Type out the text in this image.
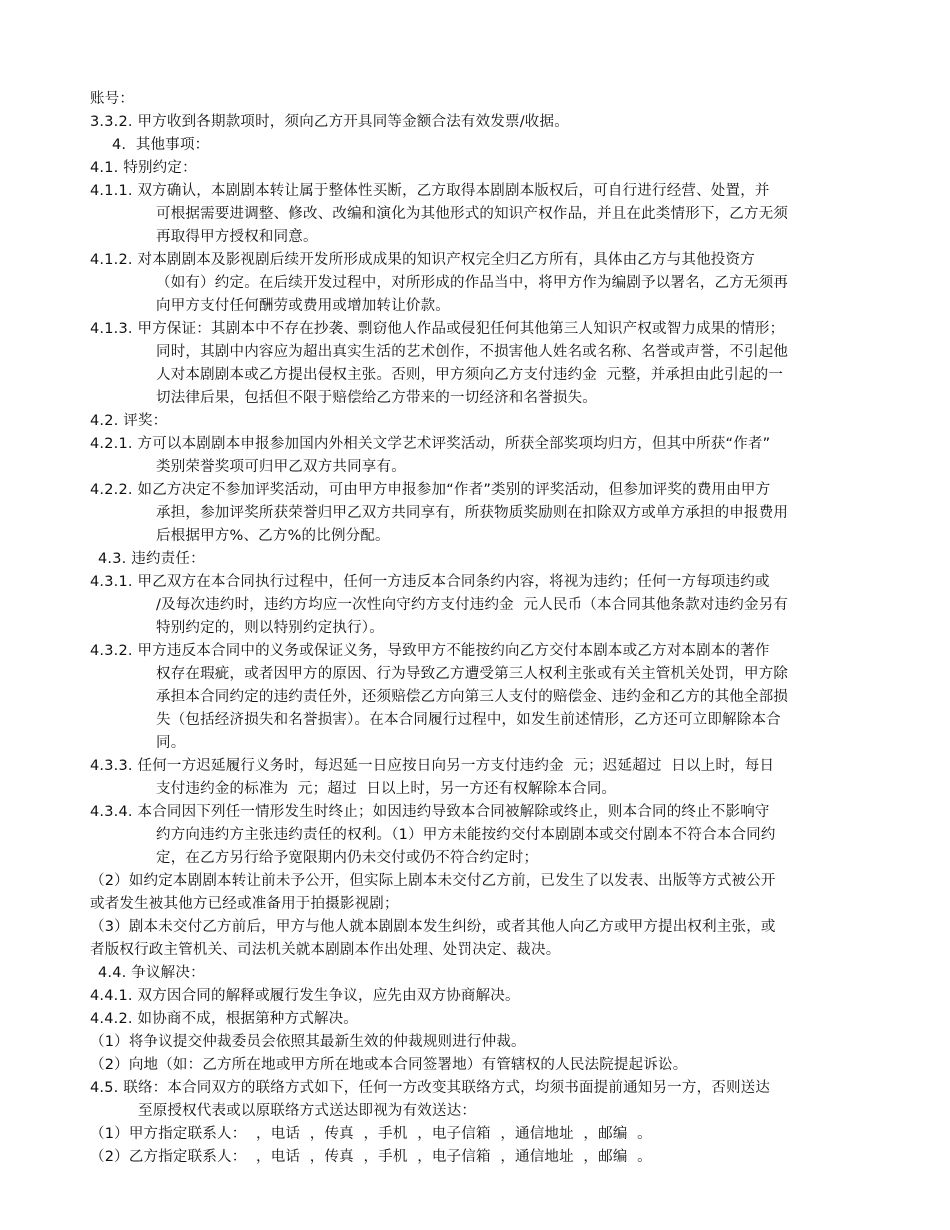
账号：
3.3.2. 甲方收到各期款项时，须向乙方开具同等金额合法有效发票/收据。
4.  其他事项：
4.1. 特别约定：
4.1.1. 双方确认，本剧剧本转让属于整体性买断，乙方取得本剧剧本版权后，可自行进行经营、处置，并
可根据需要进调整、修改、改编和演化为其他形式的知识产权作品，并且在此类情形下，乙方无须
再取得甲方授权和同意。
4.1.2. 对本剧剧本及影视剧后续开发所形成成果的知识产权完全归乙方所有，具体由乙方与其他投资方
（如有）约定。在后续开发过程中，对所形成的作品当中，将甲方作为编剧予以署名，乙方无须再
向甲方支付任何酬劳或费用或增加转让价款。
4.1.3. 甲方保证：其剧本中不存在抄袭、剽窃他人作品或侵犯任何其他第三人知识产权或智力成果的情形；
同时，其剧中内容应为超出真实生活的艺术创作，不损害他人姓名或名称、名誉或声誉，不引起他
人对本剧剧本或乙方提出侵权主张。否则，甲方须向乙方支付违约金  元整，并承担由此引起的一
切法律后果，包括但不限于赔偿给乙方带来的一切经济和名誉损失。
4.2. 评奖：
4.2.1. 方可以本剧剧本申报参加国内外相关文学艺术评奖活动，所获全部奖项均归方，但其中所获“作者”
类别荣誉奖项可归甲乙双方共同享有。
4.2.2. 如乙方决定不参加评奖活动，可由甲方申报参加“作者”类别的评奖活动，但参加评奖的费用由甲方
承担，参加评奖所获荣誉归甲乙双方共同享有，所获物质奖励则在扣除双方或单方承担的申报费用
后根据甲方%、乙方%的比例分配。
4.3. 违约责任：
4.3.1. 甲乙双方在本合同执行过程中，任何一方违反本合同条约内容，将视为违约；任何一方每项违约或
/及每次违约时，违约方均应一次性向守约方支付违约金  元人民币（本合同其他条款对违约金另有
特别约定的，则以特别约定执行）。
4.3.2. 甲方违反本合同中的义务或保证义务，导致甲方不能按约向乙方交付本剧本或乙方对本剧本的著作
权存在瑕疵，或者因甲方的原因、行为导致乙方遭受第三人权利主张或有关主管机关处罚，甲方除
承担本合同约定的违约责任外，还须赔偿乙方向第三人支付的赔偿金、违约金和乙方的其他全部损
失（包括经济损失和名誉损害）。在本合同履行过程中，如发生前述情形，乙方还可立即解除本合
同。
4.3.3. 任何一方迟延履行义务时，每迟延一日应按日向另一方支付违约金  元；迟延超过  日以上时，每日
支付违约金的标准为  元；超过  日以上时，另一方还有权解除本合同。
4.3.4. 本合同因下列任一情形发生时终止；如因违约导致本合同被解除或终止，则本合同的终止不影响守
约方向违约方主张违约责任的权利。（1）甲方未能按约交付本剧剧本或交付剧本不符合本合同约
定，在乙方另行给予宽限期内仍未交付或仍不符合约定时；
（2）如约定本剧剧本转让前未予公开，但实际上剧本未交付乙方前，已发生了以发表、出版等方式被公开
或者发生被其他方已经或准备用于拍摄影视剧；
（3）剧本未交付乙方前后，甲方与他人就本剧剧本发生纠纷，或者其他人向乙方或甲方提出权利主张，或
者版权行政主管机关、司法机关就本剧剧本作出处理、处罚决定、裁决。
4.4. 争议解决：
4.4.1. 双方因合同的解释或履行发生争议，应先由双方协商解决。
4.4.2. 如协商不成，根据第种方式解决。
（1）将争议提交仲裁委员会依照其最新生效的仲裁规则进行仲裁。
（2）向地（如：乙方所在地或甲方所在地或本合同签署地）有管辖权的人民法院提起诉讼。
4.5. 联络：本合同双方的联络方式如下，任何一方改变其联络方式，均须书面提前通知另一方，否则送达
至原授权代表或以原联络方式送达即视为有效送达：
（1）甲方指定联系人：  ，电话  ，传真  ，手机  ，电子信箱  ，通信地址  ，邮编  。
（2）乙方指定联系人：  ，电话  ，传真  ，手机  ，电子信箱  ，通信地址  ，邮编  。
